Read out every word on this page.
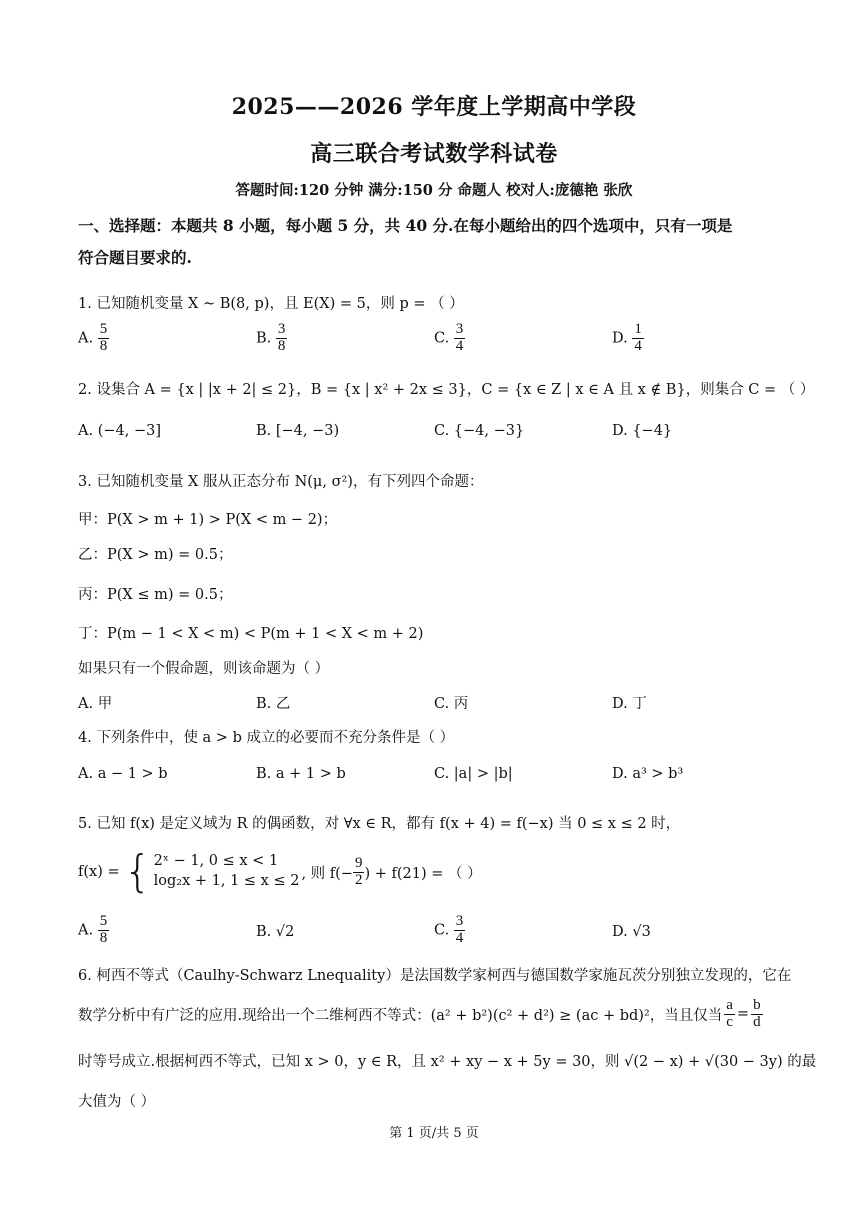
2025——2026 学年度上学期高中学段
高三联合考试数学科试卷
答题时间:120 分钟 满分:150 分 命题人 校对人:庞德艳 张欣
一、选择题：本题共 8 小题，每小题 5 分，共 40 分.在每小题给出的四个选项中，只有一项是
符合题目要求的.
1. 已知随机变量 X ~ B(8, p)，且 E(X) = 5，则 p = （ ）
A. $\frac{5}{8}$	B. $\frac{3}{8}$	C. $\frac{3}{4}$	D. $\frac{1}{4}$
2. 设集合 A = {x | |x + 2| ≤ 2}，B = {x | x² + 2x ≤ 3}，C = {x ∈ Z | x ∈ A 且 x ∉ B}，则集合 C = （ ）
A. (−4, −3]	B. [−4, −3)	C. {−4, −3}	D. {−4}
3. 已知随机变量 X 服从正态分布 N(μ, σ²)，有下列四个命题：
甲：P(X > m + 1) > P(X < m − 2)；
乙：P(X > m) = 0.5；
丙：P(X ≤ m) = 0.5；
丁：P(m − 1 < X < m) < P(m + 1 < X < m + 2)
如果只有一个假命题，则该命题为（ ）
A. 甲	B. 乙	C. 丙	D. 丁
4. 下列条件中，使 a > b 成立的必要而不充分条件是（ ）
A. a − 1 > b	B. a + 1 > b	C. |a| > |b|	D. a³ > b³
5. 已知 f(x) 是定义域为 R 的偶函数，对 ∀x ∈ R，都有 f(x + 4) = f(−x) 当 0 ≤ x ≤ 2 时，
f(x) = { 2ˣ − 1, 0 ≤ x < 1
log₂x + 1, 1 ≤ x ≤ 2 , 则 $f(- \frac{9}{2}$ ) + f(21) = （ ）
A. $\frac{5}{8}$	B. √2	C. $\frac{3}{4}$	D. √3
6. 柯西不等式（Caulhy-Schwarz Lnequality）是法国数学家柯西与德国数学家施瓦茨分别独立发现的，它在
数学分析中有广泛的应用.现给出一个二维柯西不等式：(a² + b²)(c² + d²) ≥ (ac + bd)²，当且仅当 $\frac{a}{c} = \frac{b}{d}$
时等号成立.根据柯西不等式，已知 x > 0，y ∈ R，且 x² + xy − x + 5y = 30，则 √(2 − x) + √(30 − 3y) 的最
大值为（ ）
第 1 页/共 5 页
